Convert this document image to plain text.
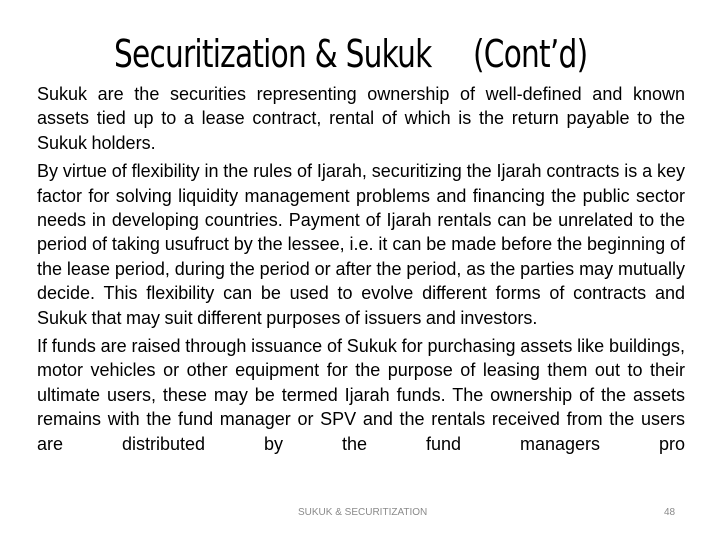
Securitization & Sukuk (Cont’d)

Sukuk are the securities representing ownership of well-defined and known assets tied up to a lease contract, rental of which is the return payable to the Sukuk holders.

By virtue of flexibility in the rules of Ijarah, securitizing the Ijarah contracts is a key factor for solving liquidity management problems and financing the public sector needs in developing countries. Payment of Ijarah rentals can be unrelated to the period of taking usufruct by the lessee, i.e. it can be made before the beginning of the lease period, during the period or after the period, as the parties may mutually decide. This flexibility can be used to evolve different forms of contracts and Sukuk that may suit different purposes of issuers and investors.

If funds are raised through issuance of Sukuk for purchasing assets like buildings, motor vehicles or other equipment for the purpose of leasing them out to their ultimate users, these may be termed Ijarah funds. The ownership of the assets remains with the fund manager or SPV and the rentals received from the users are distributed by the fund managers pro

SUKUK & SECURITIZATION	48
